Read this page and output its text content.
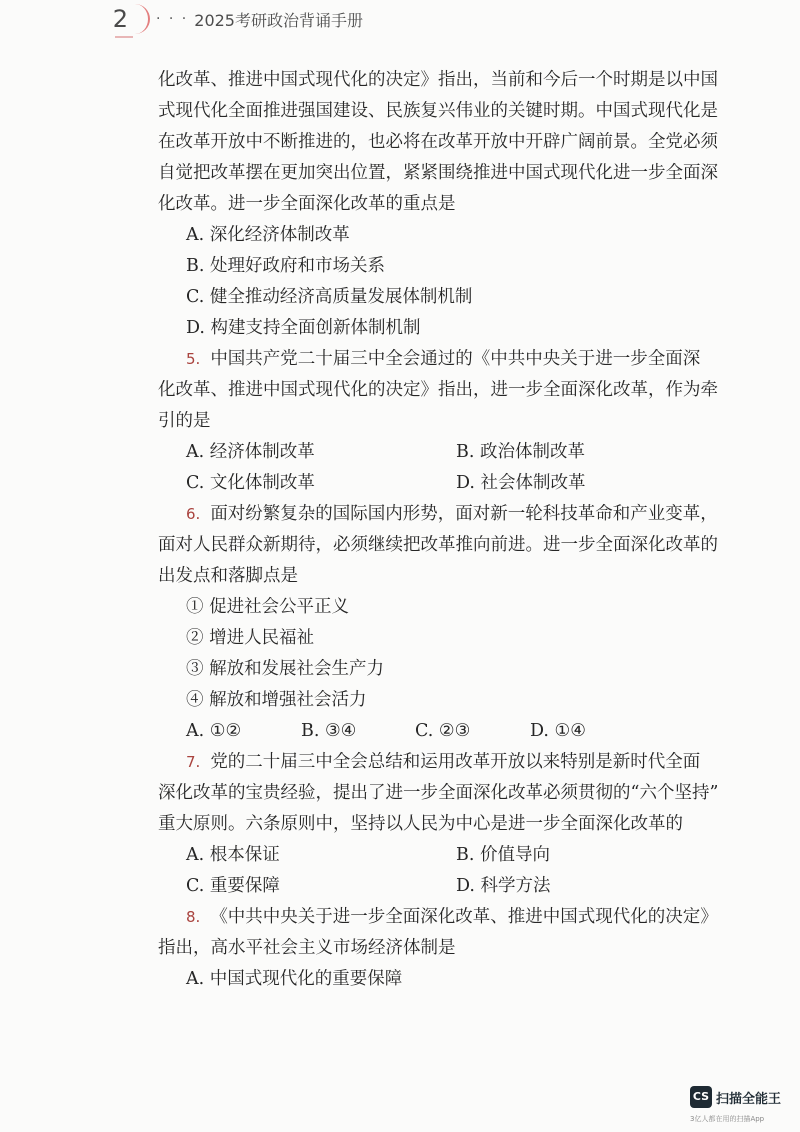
2 · · · 2025考研政治背诵手册
化改革、推进中国式现代化的决定》指出，当前和今后一个时期是以中国
式现代化全面推进强国建设、民族复兴伟业的关键时期。中国式现代化是
在改革开放中不断推进的，也必将在改革开放中开辟广阔前景。全党必须
自觉把改革摆在更加突出位置，紧紧围绕推进中国式现代化进一步全面深
化改革。进一步全面深化改革的重点是
A. 深化经济体制改革
B. 处理好政府和市场关系
C. 健全推动经济高质量发展体制机制
D. 构建支持全面创新体制机制
5. 中国共产党二十届三中全会通过的《中共中央关于进一步全面深
化改革、推进中国式现代化的决定》指出，进一步全面深化改革，作为牵
引的是
A. 经济体制改革	B. 政治体制改革
C. 文化体制改革	D. 社会体制改革
6. 面对纷繁复杂的国际国内形势，面对新一轮科技革命和产业变革，
面对人民群众新期待，必须继续把改革推向前进。进一步全面深化改革的
出发点和落脚点是
① 促进社会公平正义
② 增进人民福祉
③ 解放和发展社会生产力
④ 解放和增强社会活力
A. ①②	B. ③④	C. ②③	D. ①④
7. 党的二十届三中全会总结和运用改革开放以来特别是新时代全面
深化改革的宝贵经验，提出了进一步全面深化改革必须贯彻的“六个坚持”
重大原则。六条原则中，坚持以人民为中心是进一步全面深化改革的
A. 根本保证	B. 价值导向
C. 重要保障	D. 科学方法
8. 《中共中央关于进一步全面深化改革、推进中国式现代化的决定》
指出，高水平社会主义市场经济体制是
A. 中国式现代化的重要保障
CS 扫描全能王
3亿人都在用的扫描App
